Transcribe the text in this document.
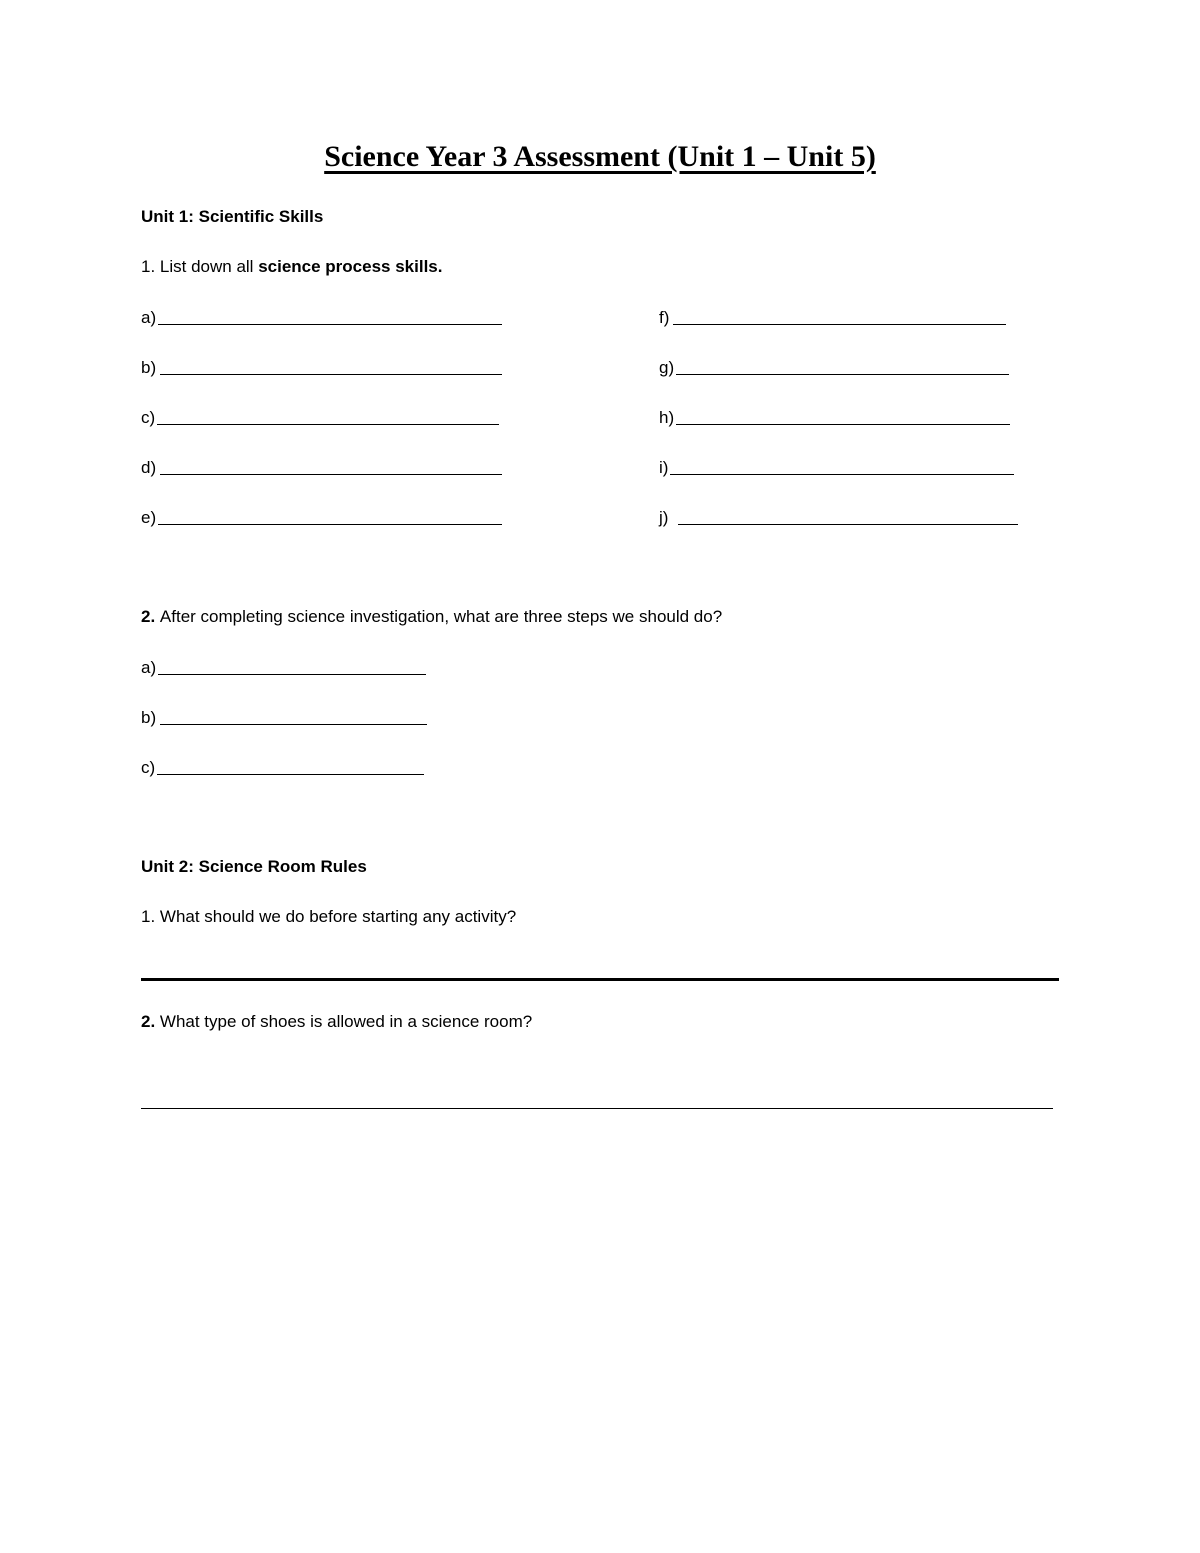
Science Year 3 Assessment (Unit 1 – Unit 5)
Unit 1: Scientific Skills
1. List down all science process skills.
a)
b)
c)
d)
e)
f)
g)
h)
i)
j)
2. After completing science investigation, what are three steps we should do?
a)
b)
c)
Unit 2: Science Room Rules
1. What should we do before starting any activity?
2. What type of shoes is allowed in a science room?
